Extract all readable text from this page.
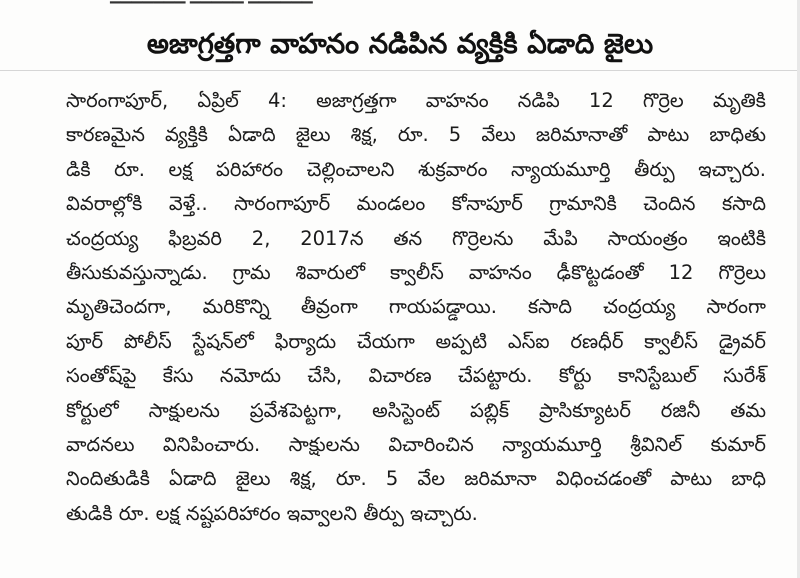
అజాగ్రత్తగా వాహనం నడిపిన వ్యక్తికి ఏడాది జైలు
సారంగాపూర్, ఏప్రిల్ 4: అజాగ్రత్తగా వాహనం నడిపి 12 గొర్రెల మృతికి
కారణమైన వ్యక్తికి ఏడాది జైలు శిక్ష, రూ. 5 వేలు జరిమానాతో పాటు బాధితు
డికి రూ. లక్ష పరిహారం చెల్లించాలని శుక్రవారం న్యాయమూర్తి తీర్పు ఇచ్చారు.
వివరాల్లోకి వెళ్తే.. సారంగాపూర్ మండలం కోనాపూర్ గ్రామానికి చెందిన కసాది
చంద్రయ్య ఫిబ్రవరి 2, 2017న తన గొర్రెలను మేపి సాయంత్రం ఇంటికి
తీసుకువస్తున్నాడు. గ్రామ శివారులో క్వాలీస్ వాహనం ఢీకొట్టడంతో 12 గొర్రెలు
మృతిచెందగా, మరికొన్ని తీవ్రంగా గాయపడ్డాయి. కసాది చంద్రయ్య సారంగా
పూర్ పోలీస్ స్టేషన్‌లో ఫిర్యాదు చేయగా అప్పటి ఎస్ఐ రణధీర్ క్వాలీస్ డ్రైవర్
సంతోష్‌పై కేసు నమోదు చేసి, విచారణ చేపట్టారు. కోర్టు కానిస్టేబుల్ సురేశ్
కోర్టులో సాక్షులను ప్రవేశపెట్టగా, అసిస్టెంట్ పబ్లిక్ ప్రాసిక్యూటర్ రజినీ తమ
వాదనలు వినిపించారు. సాక్షులను విచారించిన న్యాయమూర్తి శ్రీవినిల్ కుమార్
నిందితుడికి ఏడాది జైలు శిక్ష, రూ. 5 వేల జరిమానా విధించడంతో పాటు బాధి
తుడికి రూ. లక్ష నష్టపరిహారం ఇవ్వాలని తీర్పు ఇచ్చారు.
